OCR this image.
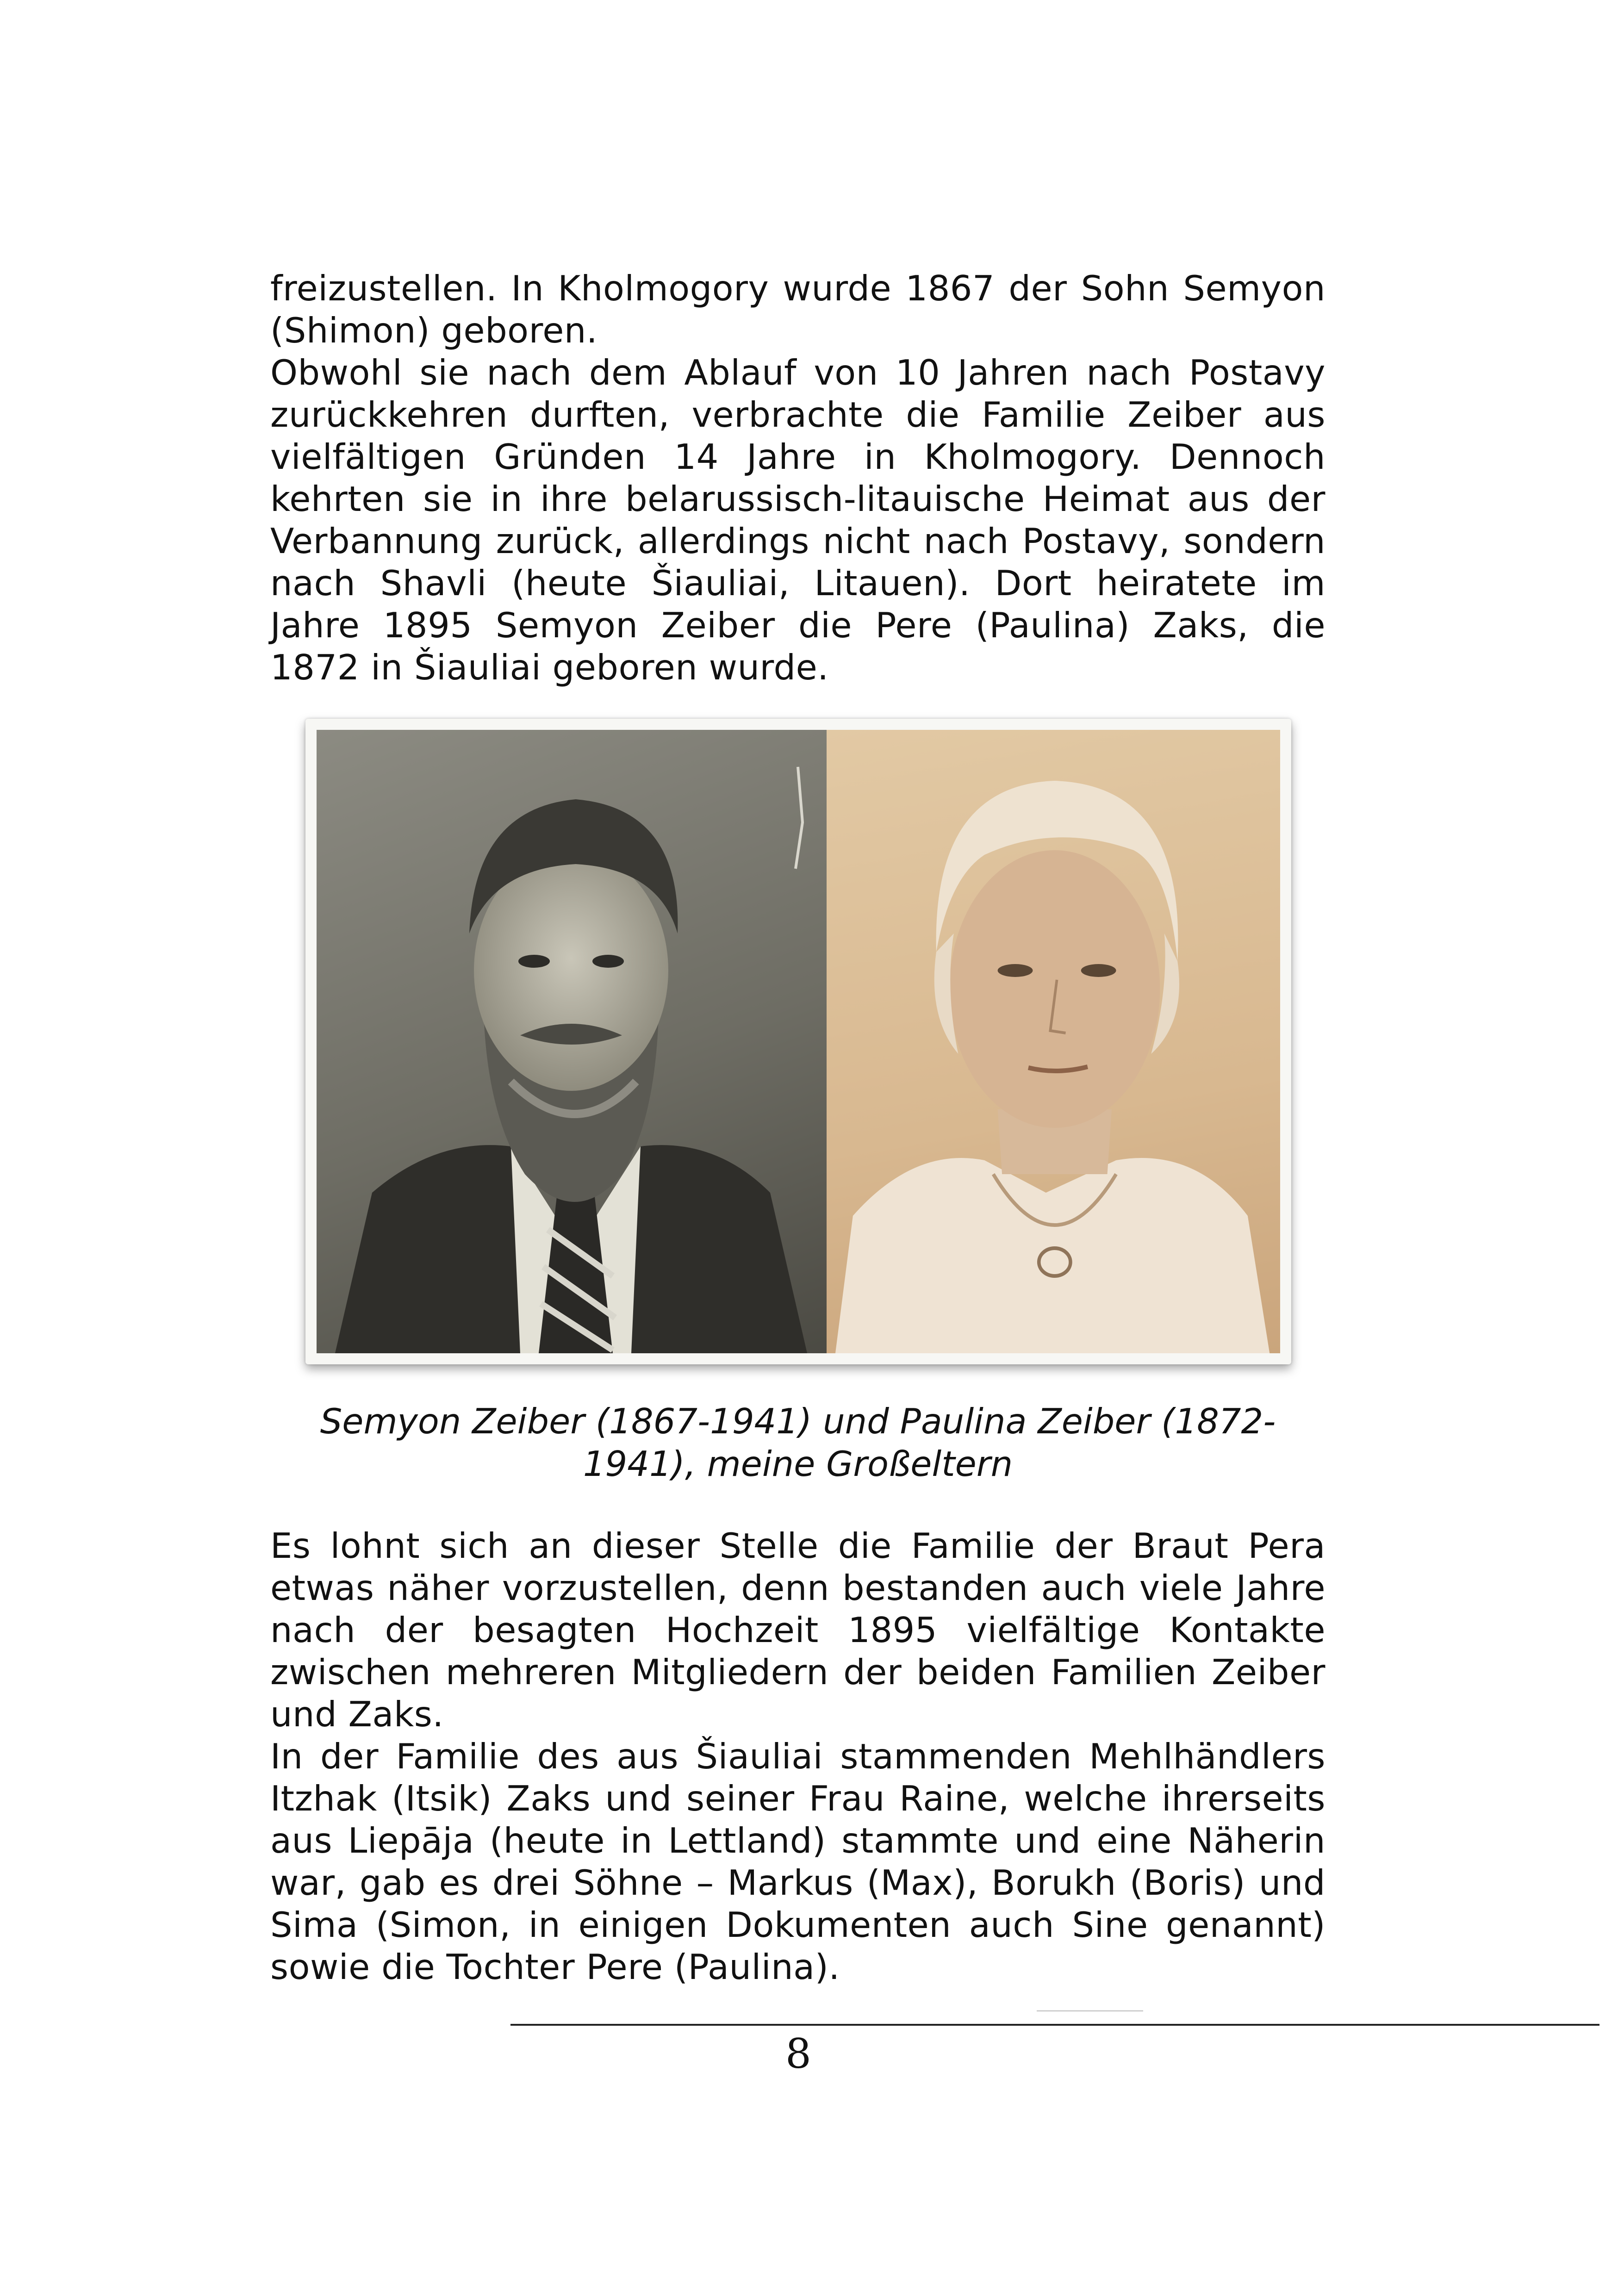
freizustellen. In Kholmogory wurde 1867 der Sohn Semyon (Shimon) geboren.

Obwohl sie nach dem Ablauf von 10 Jahren nach Postavy zurückkehren durften, verbrachte die Familie Zeiber aus vielfältigen Gründen 14 Jahre in Kholmogory. Dennoch kehrten sie in ihre belarussisch-litauische Heimat aus der Verbannung zurück, allerdings nicht nach Postavy, sondern nach Shavli (heute Šiauliai, Litauen). Dort heiratete im Jahre 1895 Semyon Zeiber die Pere (Paulina) Zaks, die 1872 in Šiauliai geboren wurde.

Semyon Zeiber (1867-1941) und Paulina Zeiber (1872-
1941), meine Großeltern

Es lohnt sich an dieser Stelle die Familie der Braut Pera etwas näher vorzustellen, denn bestanden auch viele Jahre nach der besagten Hochzeit 1895 vielfältige Kontakte zwischen mehreren Mitgliedern der beiden Familien Zeiber und Zaks.

In der Familie des aus Šiauliai stammenden Mehlhändlers Itzhak (Itsik) Zaks und seiner Frau Raine, welche ihrerseits aus Liepāja (heute in Lettland) stammte und eine Näherin war, gab es drei Söhne – Markus (Max), Borukh (Boris) und Sima (Simon, in einigen Dokumenten auch Sine genannt) sowie die Tochter Pere (Paulina).

8
